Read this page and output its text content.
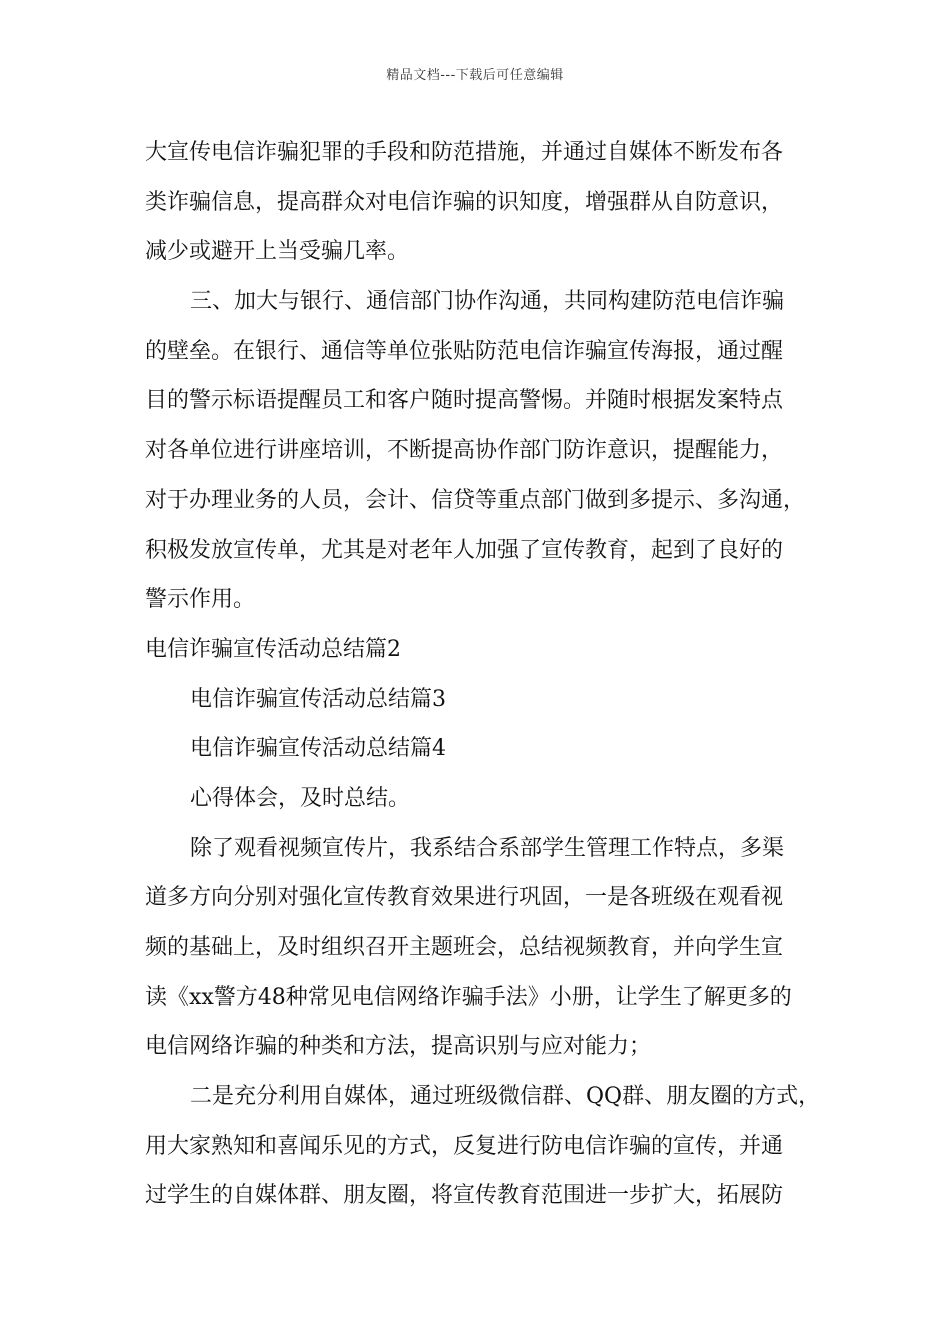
精品文档---下载后可任意编辑
大宣传电信诈骗犯罪的手段和防范措施，并通过自媒体不断发布各
类诈骗信息，提高群众对电信诈骗的识知度，增强群从自防意识，
减少或避开上当受骗几率。
三、加大与银行、通信部门协作沟通，共同构建防范电信诈骗
的壁垒。在银行、通信等单位张贴防范电信诈骗宣传海报，通过醒
目的警示标语提醒员工和客户随时提高警惕。并随时根据发案特点
对各单位进行讲座培训，不断提高协作部门防诈意识，提醒能力，
对于办理业务的人员，会计、信贷等重点部门做到多提示、多沟通，
积极发放宣传单，尤其是对老年人加强了宣传教育，起到了良好的
警示作用。
电信诈骗宣传活动总结篇2
电信诈骗宣传活动总结篇3
电信诈骗宣传活动总结篇4
心得体会，及时总结。
除了观看视频宣传片，我系结合系部学生管理工作特点，多渠
道多方向分别对强化宣传教育效果进行巩固，一是各班级在观看视
频的基础上，及时组织召开主题班会，总结视频教育，并向学生宣
读《xx警方48种常见电信网络诈骗手法》小册，让学生了解更多的
电信网络诈骗的种类和方法，提高识别与应对能力；
二是充分利用自媒体，通过班级微信群、QQ群、朋友圈的方式，
用大家熟知和喜闻乐见的方式，反复进行防电信诈骗的宣传，并通
过学生的自媒体群、朋友圈，将宣传教育范围进一步扩大，拓展防
